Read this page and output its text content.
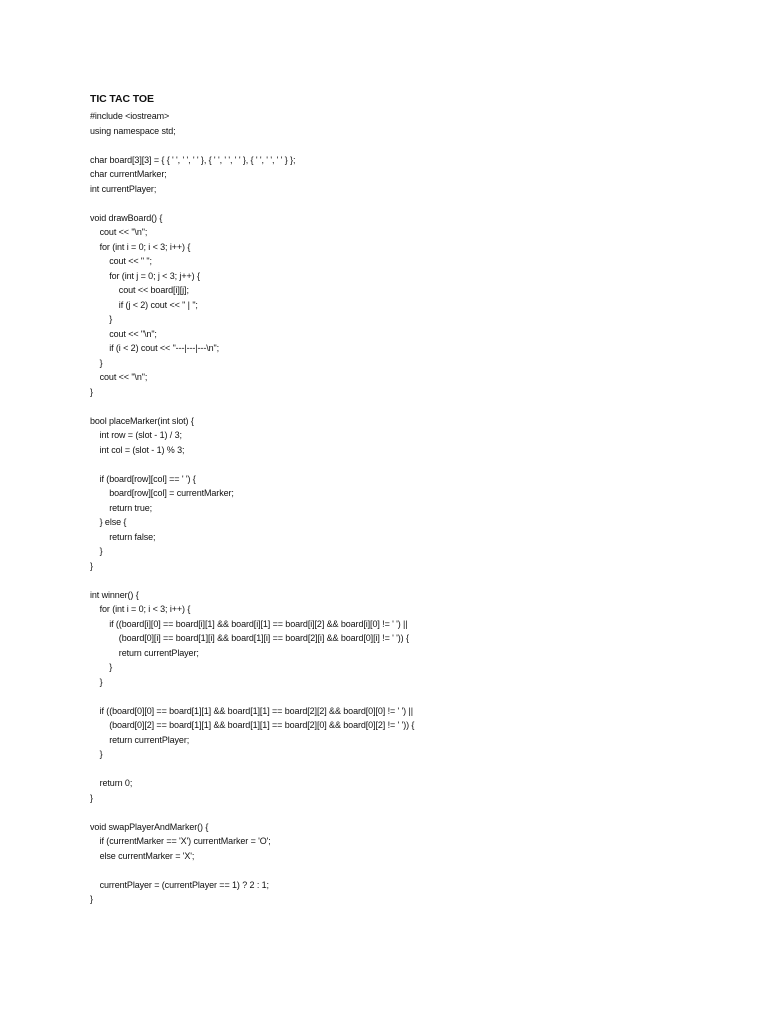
TIC TAC TOE
#include <iostream>
using namespace std;
char board[3][3] = { { ' ', ' ', ' ' }, { ' ', ' ', ' ' }, { ' ', ' ', ' ' } };
char currentMarker;
int currentPlayer;
void drawBoard() {
cout << "\n";
for (int i = 0; i < 3; i++) {
cout << " ";
for (int j = 0; j < 3; j++) {
cout << board[i][j];
if (j < 2) cout << " | ";
}
cout << "\n";
if (i < 2) cout << "---|---|---\n";
}
cout << "\n";
}
bool placeMarker(int slot) {
int row = (slot - 1) / 3;
int col = (slot - 1) % 3;
if (board[row][col] == ' ') {
board[row][col] = currentMarker;
return true;
} else {
return false;
}
}
int winner() {
for (int i = 0; i < 3; i++) {
if ((board[i][0] == board[i][1] && board[i][1] == board[i][2] && board[i][0] != ' ') ||
(board[0][i] == board[1][i] && board[1][i] == board[2][i] && board[0][i] != ' ')) {
return currentPlayer;
}
}
if ((board[0][0] == board[1][1] && board[1][1] == board[2][2] && board[0][0] != ' ') ||
(board[0][2] == board[1][1] && board[1][1] == board[2][0] && board[0][2] != ' ')) {
return currentPlayer;
}
return 0;
}
void swapPlayerAndMarker() {
if (currentMarker == 'X') currentMarker = 'O';
else currentMarker = 'X';
currentPlayer = (currentPlayer == 1) ? 2 : 1;
}
